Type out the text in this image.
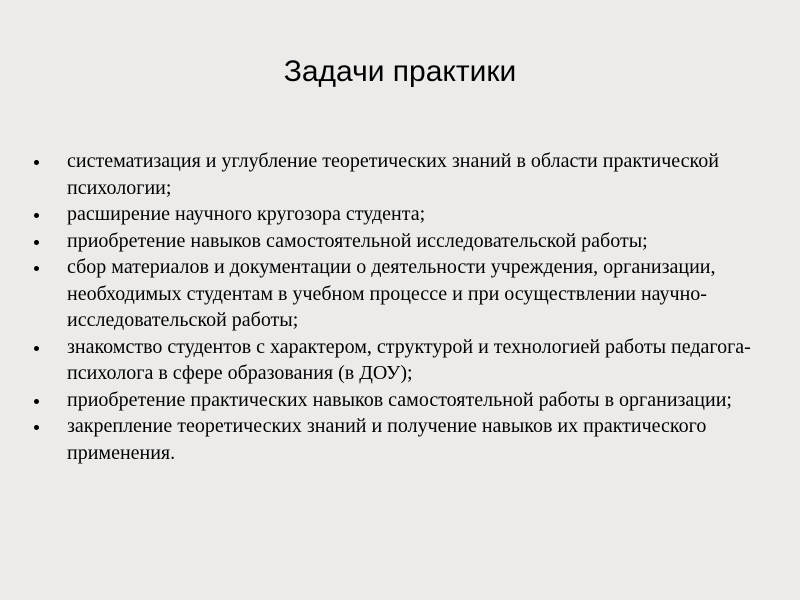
Задачи практики
систематизация и углубление теоретических знаний в области практической психологии;
расширение научного кругозора студента;
приобретение навыков самостоятельной исследовательской работы;
сбор материалов и документации о деятельности учреждения, организации, необходимых студентам в учебном процессе и при осуществлении научно-исследовательской работы;
знакомство студентов с характером, структурой и технологией работы педагога-психолога в сфере образования (в ДОУ);
приобретение практических навыков самостоятельной работы в организации;
закрепление теоретических знаний и получение навыков их практического применения.
